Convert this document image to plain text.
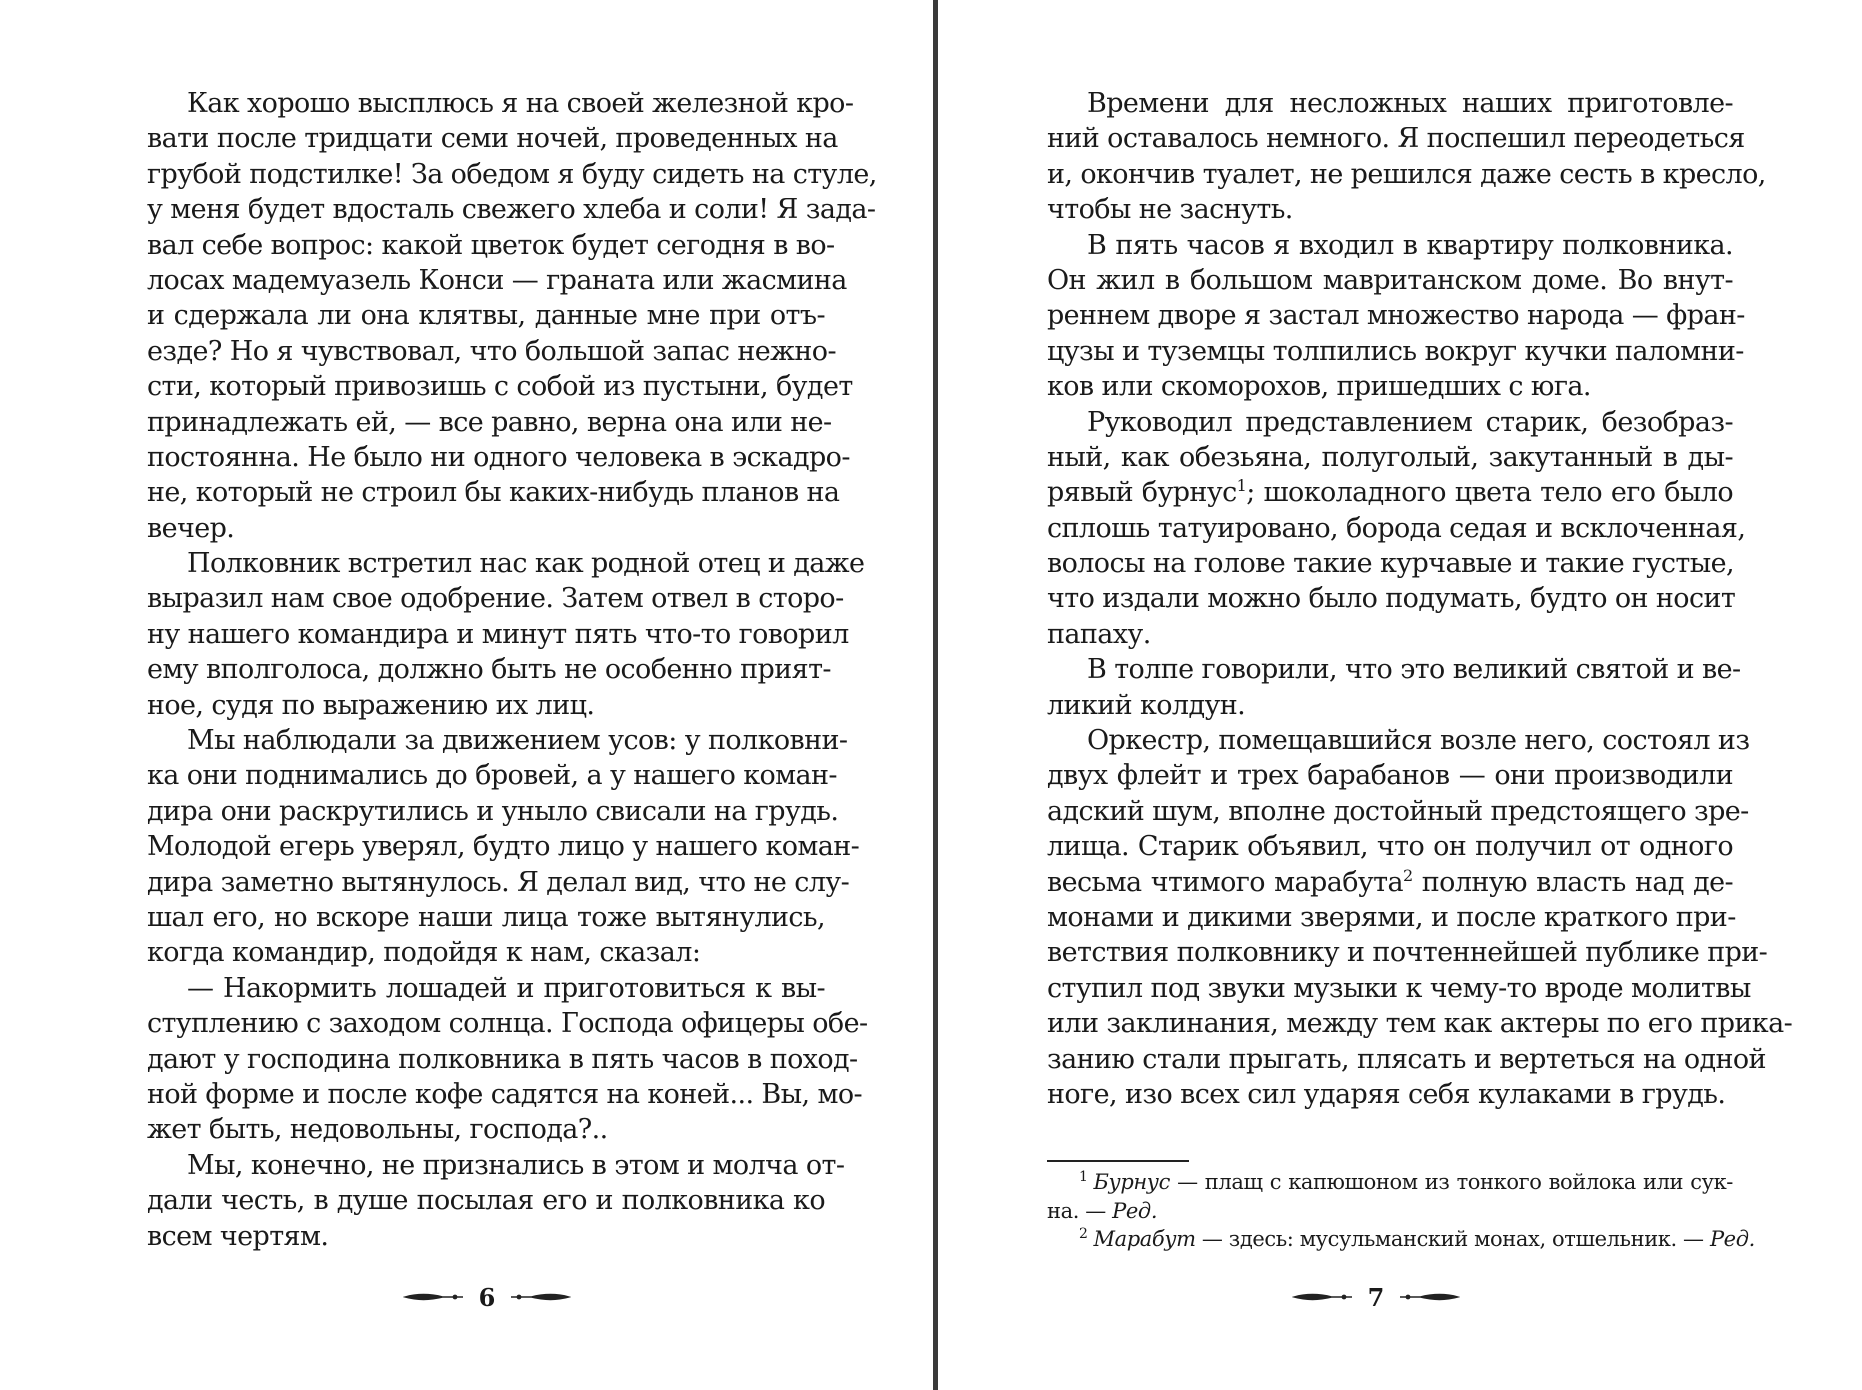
Как хорошо высплюсь я на своей железной кро-
вати после тридцати семи ночей, проведенных на
грубой подстилке! За обедом я буду сидеть на стуле,
у меня будет вдосталь свежего хлеба и соли! Я зада-
вал себе вопрос: какой цветок будет сегодня в во-
лосах мадемуазель Конси — граната или жасмина
и сдержала ли она клятвы, данные мне при отъ-
езде? Но я чувствовал, что большой запас нежно-
сти, который привозишь с собой из пустыни, будет
принадлежать ей, — все равно, верна она или не-
постоянна. Не было ни одного человека в эскадро-
не, который не строил бы каких-нибудь планов на
вечер.
Полковник встретил нас как родной отец и даже
выразил нам свое одобрение. Затем отвел в сторо-
ну нашего командира и минут пять что-то говорил
ему вполголоса, должно быть не особенно прият-
ное, судя по выражению их лиц.
Мы наблюдали за движением усов: у полковни-
ка они поднимались до бровей, а у нашего коман-
дира они раскрутились и уныло свисали на грудь.
Молодой егерь уверял, будто лицо у нашего коман-
дира заметно вытянулось. Я делал вид, что не слу-
шал его, но вскоре наши лица тоже вытянулись,
когда командир, подойдя к нам, сказал:
— Накормить лошадей и приготовиться к вы-
ступлению с заходом солнца. Господа офицеры обе-
дают у господина полковника в пять часов в поход-
ной форме и после кофе садятся на коней... Вы, мо-
жет быть, недовольны, господа?..
Мы, конечно, не признались в этом и молча от-
дали честь, в душе посылая его и полковника ко
всем чертям.
6
Времени для несложных наших приготовле-
ний оставалось немного. Я поспешил переодеться
и, окончив туалет, не решился даже сесть в кресло,
чтобы не заснуть.
В пять часов я входил в квартиру полковника.
Он жил в большом мавританском доме. Во внут-
реннем дворе я застал множество народа — фран-
цузы и туземцы толпились вокруг кучки паломни-
ков или скоморохов, пришедших с юга.
Руководил представлением старик, безобраз-
ный, как обезьяна, полуголый, закутанный в ды-
рявый бурнус$^1$; шоколадного цвета тело его было
сплошь татуировано, борода седая и всклоченная,
волосы на голове такие курчавые и такие густые,
что издали можно было подумать, будто он носит
папаху.
В толпе говорили, что это великий святой и ве-
ликий колдун.
Оркестр, помещавшийся возле него, состоял из
двух флейт и трех барабанов — они производили
адский шум, вполне достойный предстоящего зре-
лища. Старик объявил, что он получил от одного
весьма чтимого марабута$^2$ полную власть над де-
монами и дикими зверями, и после краткого при-
ветствия полковнику и почтеннейшей публике при-
ступил под звуки музыки к чему-то вроде молитвы
или заклинания, между тем как актеры по его прика-
занию стали прыгать, плясать и вертеться на одной
ноге, изо всех сил ударяя себя кулаками в грудь.
$^1$ Бурнус — плащ с капюшоном из тонкого войлока или сук-
на. — Ред.
$^2$ Марабут — здесь: мусульманский монах, отшельник. — Ред.
7
